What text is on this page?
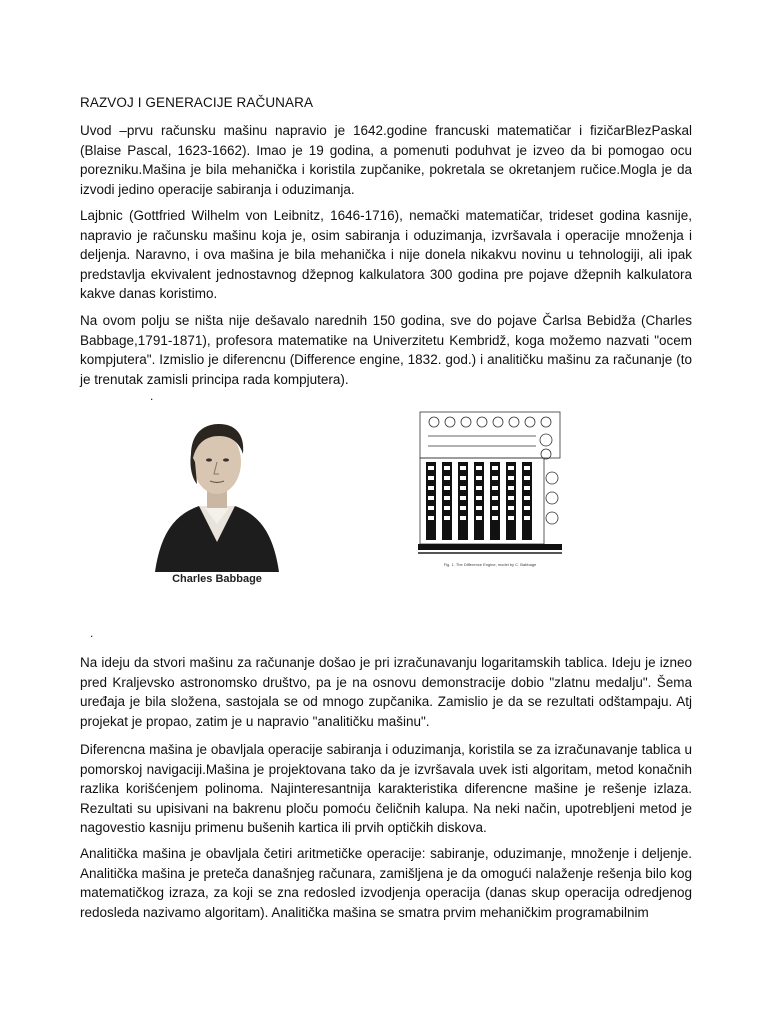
RAZVOJ I GENERACIJE RAČUNARA

Uvod –prvu računsku mašinu napravio je 1642.godine francuski matematičar i fizičarBlezPaskal (Blaise Pascal, 1623-1662). Imao je 19 godina, a pomenuti poduhvat je izveo da bi pomogao ocu porezniku.Mašina je bila mehanička i koristila zupčanike, pokretala se okretanjem ručice.Mogla je da izvodi jedino operacije sabiranja i oduzimanja.

Lajbnic (Gottfried Wilhelm von Leibnitz, 1646-1716), nemački matematičar, trideset godina kasnije, napravio je računsku mašinu koja je, osim sabiranja i oduzimanja, izvršavala i operacije množenja i deljenja. Naravno, i ova mašina je bila mehanička i nije donela nikakvu novinu u tehnologiji, ali ipak predstavlja ekvivalent jednostavnog džepnog kalkulatora 300 godina pre pojave džepnih kalkulatora kakve danas koristimo.

Na ovom polju se ništa nije dešavalo narednih 150 godina, sve do pojave Čarlsa Bebidža (Charles Babbage,1791-1871), profesora matematike na Univerzitetu Kembridž, koga možemo nazvati "ocem kompjutera". Izmislio je diferencnu (Difference engine, 1832. god.) i analitičku mašinu za računanje (to je trenutak zamisli principa rada kompjutera).

Na ideju da stvori mašinu za računanje došao je pri izračunavanju logaritamskih tablica. Ideju je izneo pred Kraljevsko astronomsko društvo, pa je na osnovu demonstracije dobio "zlatnu medalju". Šema uređaja je bila složena, sastojala se od mnogo zupčanika. Zamislio je da se rezultati odštampaju. Atj projekat je propao, zatim je u napravio "analitičku mašinu".

Diferencna mašina je obavljala operacije sabiranja i oduzimanja, koristila se za izračunavanje tablica u pomorskoj navigaciji.Mašina je projektovana tako da je izvršavala uvek isti algoritam, metod konačnih razlika korišćenjem polinoma. Najinteresantnija karakteristika diferencne mašine je rešenje izlaza. Rezultati su upisivani na bakrenu ploču pomoću čeličnih kalupa. Na neki način, upotrebljeni metod je nagovestio kasniju primenu bušenih kartica ili prvih optičkih diskova.

Analitička mašina je obavljala četiri aritmetičke operacije: sabiranje, oduzimanje, množenje i deljenje. Analitička mašina je preteča današnjeg računara, zamišljena je da omogući nalaženje rešenja bilo kog matematičkog izraza, za koji se zna redosled izvodjenja operacija (danas skup operacija odredjenog redosleda nazivamo algoritam). Analitička mašina se smatra prvim mehaničkim programabilnim

.
.
Charles Babbage
Fig. 1. The Difference Engine, model by C. Babbage
